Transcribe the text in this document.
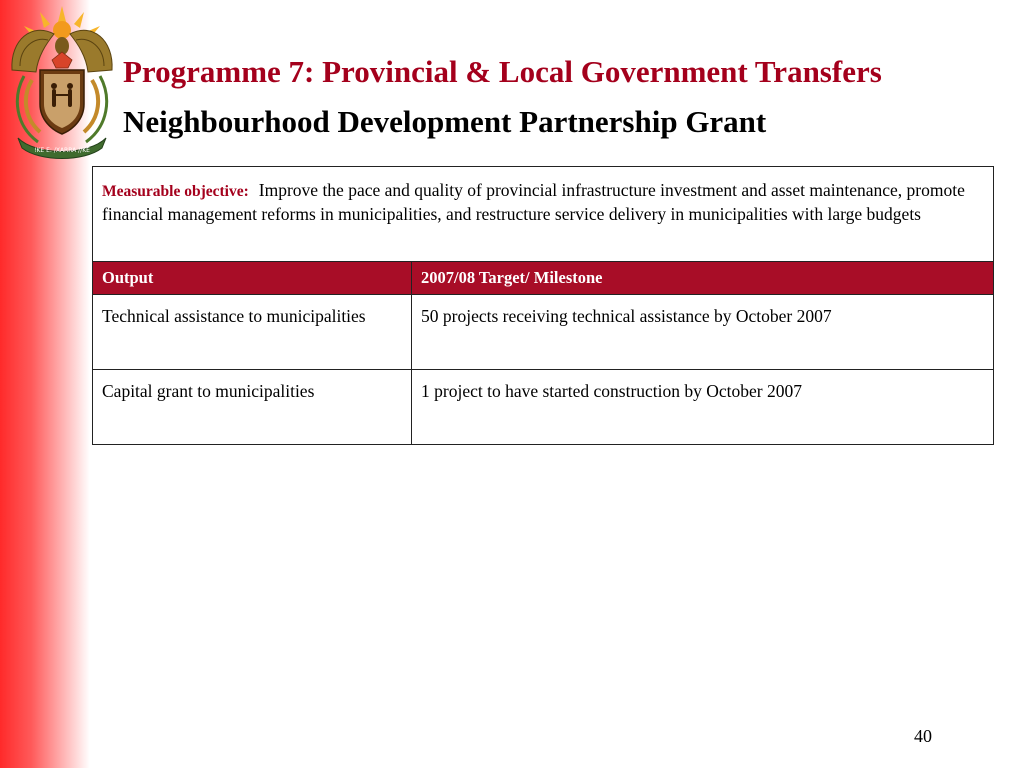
!KE E: /XARRA //KE
Programme 7: Provincial & Local Government Transfers
Neighbourhood Development Partnership Grant
Measurable objective: Improve the pace and quality of provincial infrastructure investment and asset maintenance, promote financial management reforms in municipalities, and restructure service delivery in municipalities with large budgets	
Output	2007/08 Target/ Milestone
Technical assistance to municipalities	50 projects receiving technical assistance by October 2007
Capital grant to municipalities	1 project to have started construction by October 2007
40
